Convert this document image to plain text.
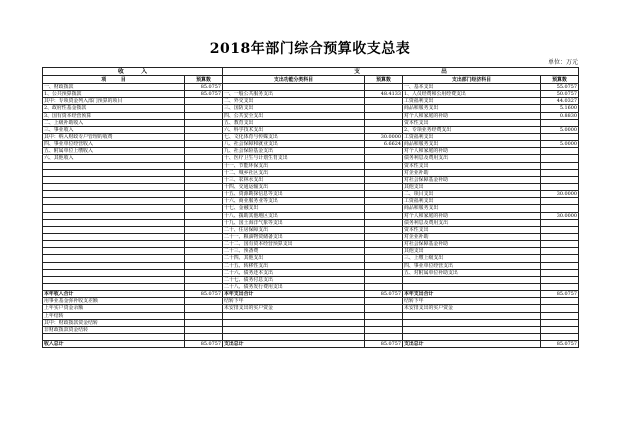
2018年部门综合预算收支总表
单位：万元
收　　　入		支　　　　　　　　　　　　　　出			
项　　　目	预算数	支出功能分类科目	预算数	支出部门经济科目	预算数
一、财政拨款	85.0757			一、基本支出	55.0757
1、公共预算拨款	85.0757	一、一般公共服务支出	48.4133	1、人员经费和公用经费支出	50.0757
其中：专项资金列入部门预算的项目		二、外交支出		工资福利支出	44.0327
2、政府性基金拨款		三、国防支出		商品和服务支出	5.1600
3、国有资本经营预算		四、公共安全支出		对个人和家庭的补助	0.8830
二、上级补助收入		五、教育支出		资本性支出	
三、事业收入		六、科学技术支出		2、专项业务经费支出	5.0000
其中：纳入财政专户管理的收费		七、文化体育与传媒支出	30.0000	工资福利支出	
四、事业单位经营收入		八、社会保障和就业支出	6.6624	商品和服务支出	5.0000
五、附属单位上缴收入		九、社会保险基金支出		对个人和家庭的补助	
六、其他收入		十、医疗卫生与计划生育支出		债务利息及费用支出	
		十一、节能环保支出		资本性支出	
		十二、城乡社区支出		对企业补助	
		十三、农林水支出		对社会保障基金补助	
		十四、交通运输支出		其他支出	
		十五、资源勘探信息等支出		二、项目支出	30.0000
		十六、商业服务业等支出		工资福利支出	
		十七、金融支出		商品和服务支出	
		十八、援助其他地区支出		对个人和家庭的补助	30.0000
		十九、国土海洋气象等支出		债务利息及费用支出	
		二十、住房保障支出		资本性支出	
		二十一、粮油物资储备支出		对企业补助	
		二十二、国有资本经营预算支出		对社会保障基金补助	
		二十三、预备费		其他支出	
		二十四、其他支出		三、上缴上级支出	
		二十五、转移性支出		四、事业单位经营支出	
		二十六、债务还本支出		五、对附属单位补助支出	
		二十七、债务付息支出			
		二十八、债务发行费用支出			
本年收入合计	85.0757	本年支出合计	85.0757	本年支出合计	85.0757
用事业基金弥补收支差额		结转下年		结转下年	
上年实户资金余额		未安排支出的实户资金		未安排支出的实户资金	
上年结转					
其中：财政拨款资金结转					
非财政拨款资金结转					

收入总计	85.0757	支出总计	85.0757	支出总计	85.0757
